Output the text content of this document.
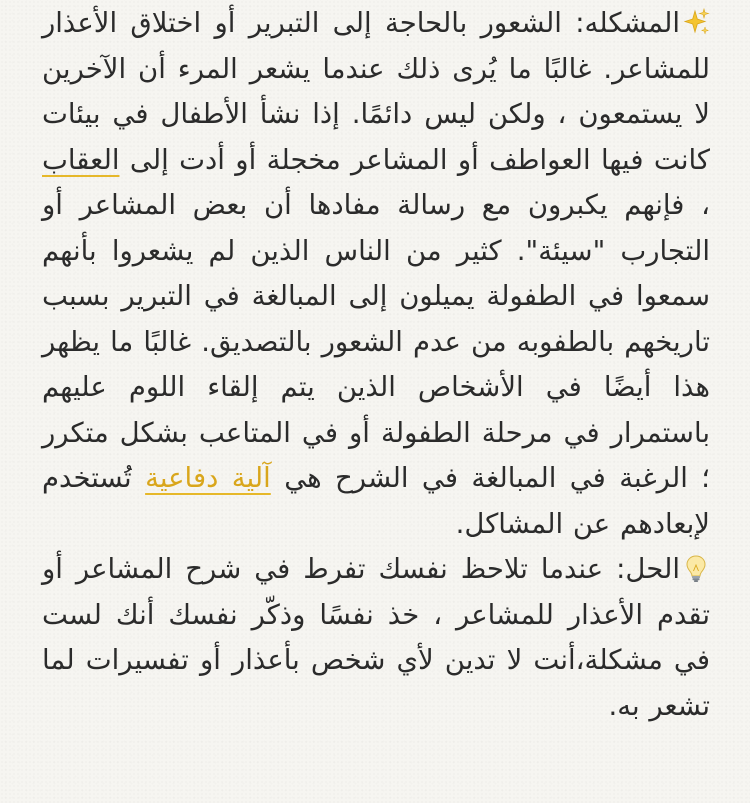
المشكله: الشعور بالحاجة إلى التبرير أو اختلاق الأعذار للمشاعر. غالبًا ما يُرى ذلك عندما يشعر المرء أن الآخرين لا يستمعون ، ولكن ليس دائمًا. إذا نشأ الأطفال في بيئات كانت فيها العواطف أو المشاعر مخجلة أو أدت إلى العقاب ، فإنهم يكبرون مع رسالة مفادها أن بعض المشاعر أو التجارب "سيئة". كثير من الناس الذين لم يشعروا بأنهم سمعوا في الطفولة يميلون إلى المبالغة في التبرير بسبب تاريخهم بالطفوبه من عدم الشعور بالتصديق. غالبًا ما يظهر هذا أيضًا في الأشخاص الذين يتم إلقاء اللوم عليهم باستمرار في مرحلة الطفولة أو في المتاعب بشكل متكرر ؛ الرغبة في المبالغة في الشرح هي آلية دفاعية تُستخدم لإبعادهم عن المشاكل.

الحل: عندما تلاحظ نفسك تفرط في شرح المشاعر أو تقدم الأعذار للمشاعر ، خذ نفسًا وذكّر نفسك أنك لست في مشكلة،أنت لا تدين لأي شخص بأعذار أو تفسيرات لما تشعر به.
